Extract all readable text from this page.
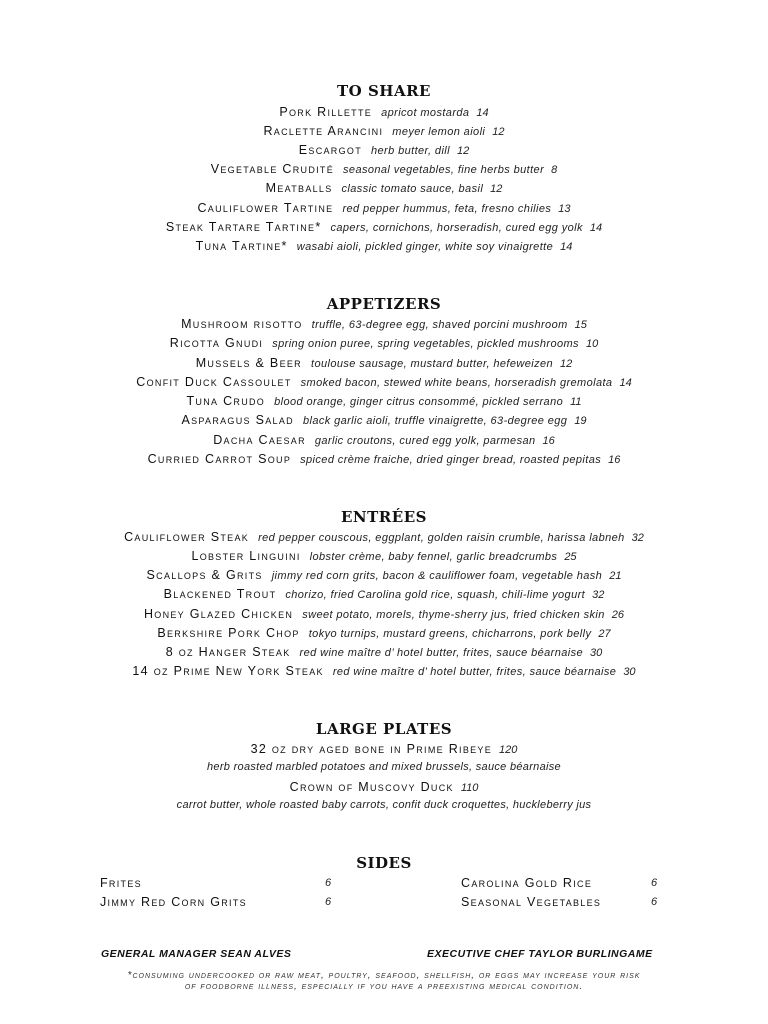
TO SHARE
Pork Rillette apricot mostarda 14
Raclette Arancini meyer lemon aioli 12
Escargot herb butter, dill 12
Vegetable Crudité seasonal vegetables, fine herbs butter 8
Meatballs classic tomato sauce, basil 12
Cauliflower Tartine red pepper hummus, feta, fresno chilies 13
Steak Tartare Tartine* capers, cornichons, horseradish, cured egg yolk 14
Tuna Tartine* wasabi aioli, pickled ginger, white soy vinaigrette 14
APPETIZERS
Mushroom risotto truffle, 63-degree egg, shaved porcini mushroom 15
Ricotta Gnudi spring onion puree, spring vegetables, pickled mushrooms 10
Mussels & Beer toulouse sausage, mustard butter, hefeweizen 12
Confit Duck Cassoulet smoked bacon, stewed white beans, horseradish gremolata 14
Tuna Crudo blood orange, ginger citrus consommé, pickled serrano 11
Asparagus Salad black garlic aioli, truffle vinaigrette, 63-degree egg 19
Dacha Caesar garlic croutons, cured egg yolk, parmesan 16
Curried Carrot Soup spiced crème fraiche, dried ginger bread, roasted pepitas 16
ENTRÉES
Cauliflower Steak red pepper couscous, eggplant, golden raisin crumble, harissa labneh 32
Lobster Linguini lobster crème, baby fennel, garlic breadcrumbs 25
Scallops & Grits jimmy red corn grits, bacon & cauliflower foam, vegetable hash 21
Blackened Trout chorizo, fried Carolina gold rice, squash, chili-lime yogurt 32
Honey Glazed Chicken sweet potato, morels, thyme-sherry jus, fried chicken skin 26
Berkshire Pork Chop tokyo turnips, mustard greens, chicharrons, pork belly 27
8 oz Hanger Steak red wine maître d’ hotel butter, frites, sauce béarnaise 30
14 oz Prime New York Steak red wine maître d’ hotel butter, frites, sauce béarnaise 30
LARGE PLATES
32 oz dry aged bone in Prime Ribeye 120
herb roasted marbled potatoes and mixed brussels, sauce béarnaise
Crown of Muscovy Duck 110
carrot butter, whole roasted baby carrots, confit duck croquettes, huckleberry jus
SIDES
Frites	6
Jimmy Red Corn Grits	6
Carolina Gold Rice	6
Seasonal Vegetables	6
GENERAL MANAGER SEAN ALVES	EXECUTIVE CHEF TAYLOR BURLINGAME
*consuming undercooked or raw meat, poultry, seafood, shellfish, or eggs may increase your risk
of foodborne illness, especially if you have a preexisting medical condition.
